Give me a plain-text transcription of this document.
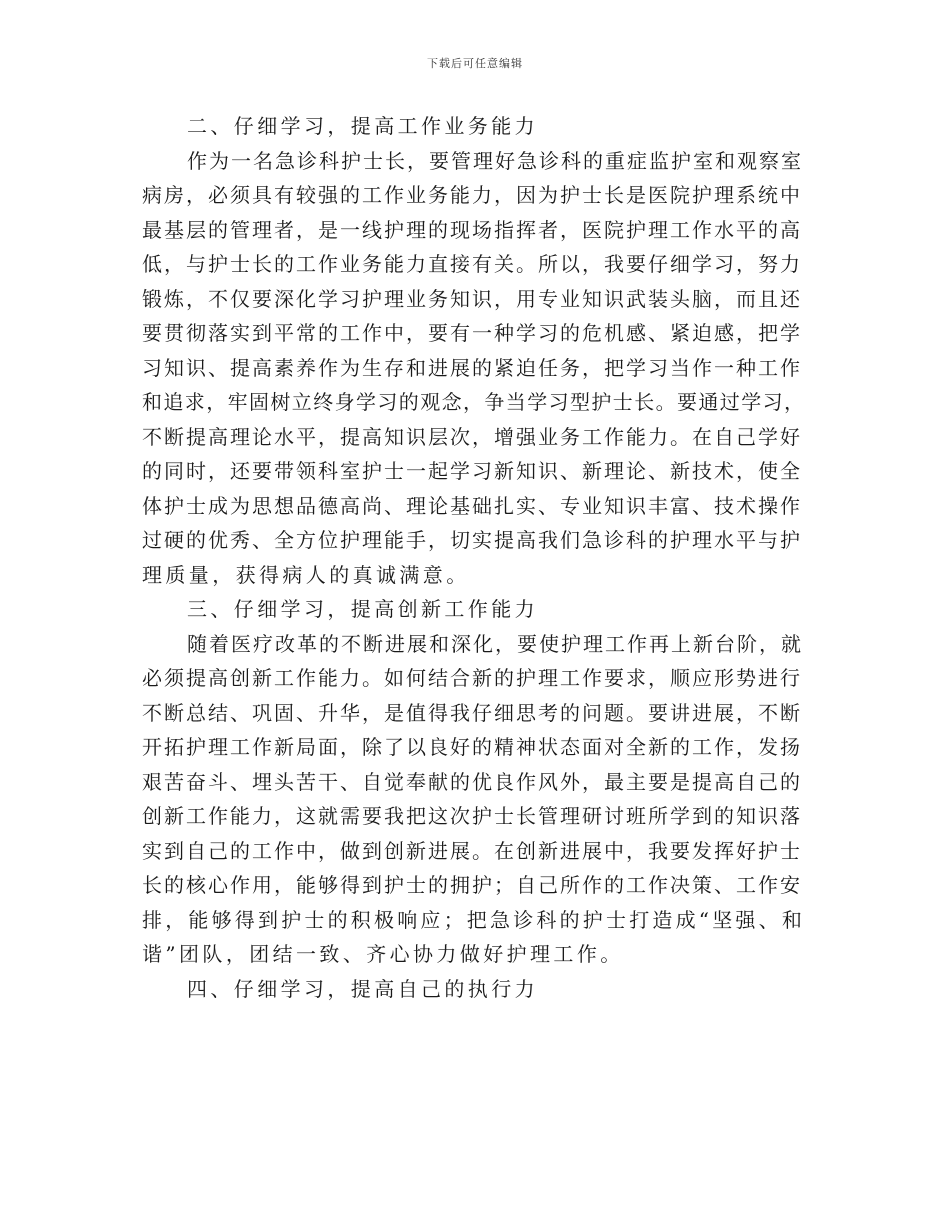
下载后可任意编辑
二、仔细学习，提高工作业务能力
作为一名急诊科护士长，要管理好急诊科的重症监护室和观察室
病房，必须具有较强的工作业务能力，因为护士长是医院护理系统中
最基层的管理者，是一线护理的现场指挥者，医院护理工作水平的高
低，与护士长的工作业务能力直接有关。所以，我要仔细学习，努力
锻炼，不仅要深化学习护理业务知识，用专业知识武装头脑，而且还
要贯彻落实到平常的工作中，要有一种学习的危机感、紧迫感，把学
习知识、提高素养作为生存和进展的紧迫任务，把学习当作一种工作
和追求，牢固树立终身学习的观念，争当学习型护士长。要通过学习，
不断提高理论水平，提高知识层次，增强业务工作能力。在自己学好
的同时，还要带领科室护士一起学习新知识、新理论、新技术，使全
体护士成为思想品德高尚、理论基础扎实、专业知识丰富、技术操作
过硬的优秀、全方位护理能手，切实提高我们急诊科的护理水平与护
理质量，获得病人的真诚满意。
三、仔细学习，提高创新工作能力
随着医疗改革的不断进展和深化，要使护理工作再上新台阶，就
必须提高创新工作能力。如何结合新的护理工作要求，顺应形势进行
不断总结、巩固、升华，是值得我仔细思考的问题。要讲进展，不断
开拓护理工作新局面，除了以良好的精神状态面对全新的工作，发扬
艰苦奋斗、埋头苦干、自觉奉献的优良作风外，最主要是提高自己的
创新工作能力，这就需要我把这次护士长管理研讨班所学到的知识落
实到自己的工作中，做到创新进展。在创新进展中，我要发挥好护士
长的核心作用，能够得到护士的拥护；自己所作的工作决策、工作安
排，能够得到护士的积极响应；把急诊科的护士打造成“坚强、和
谐”团队，团结一致、齐心协力做好护理工作。
四、仔细学习，提高自己的执行力
